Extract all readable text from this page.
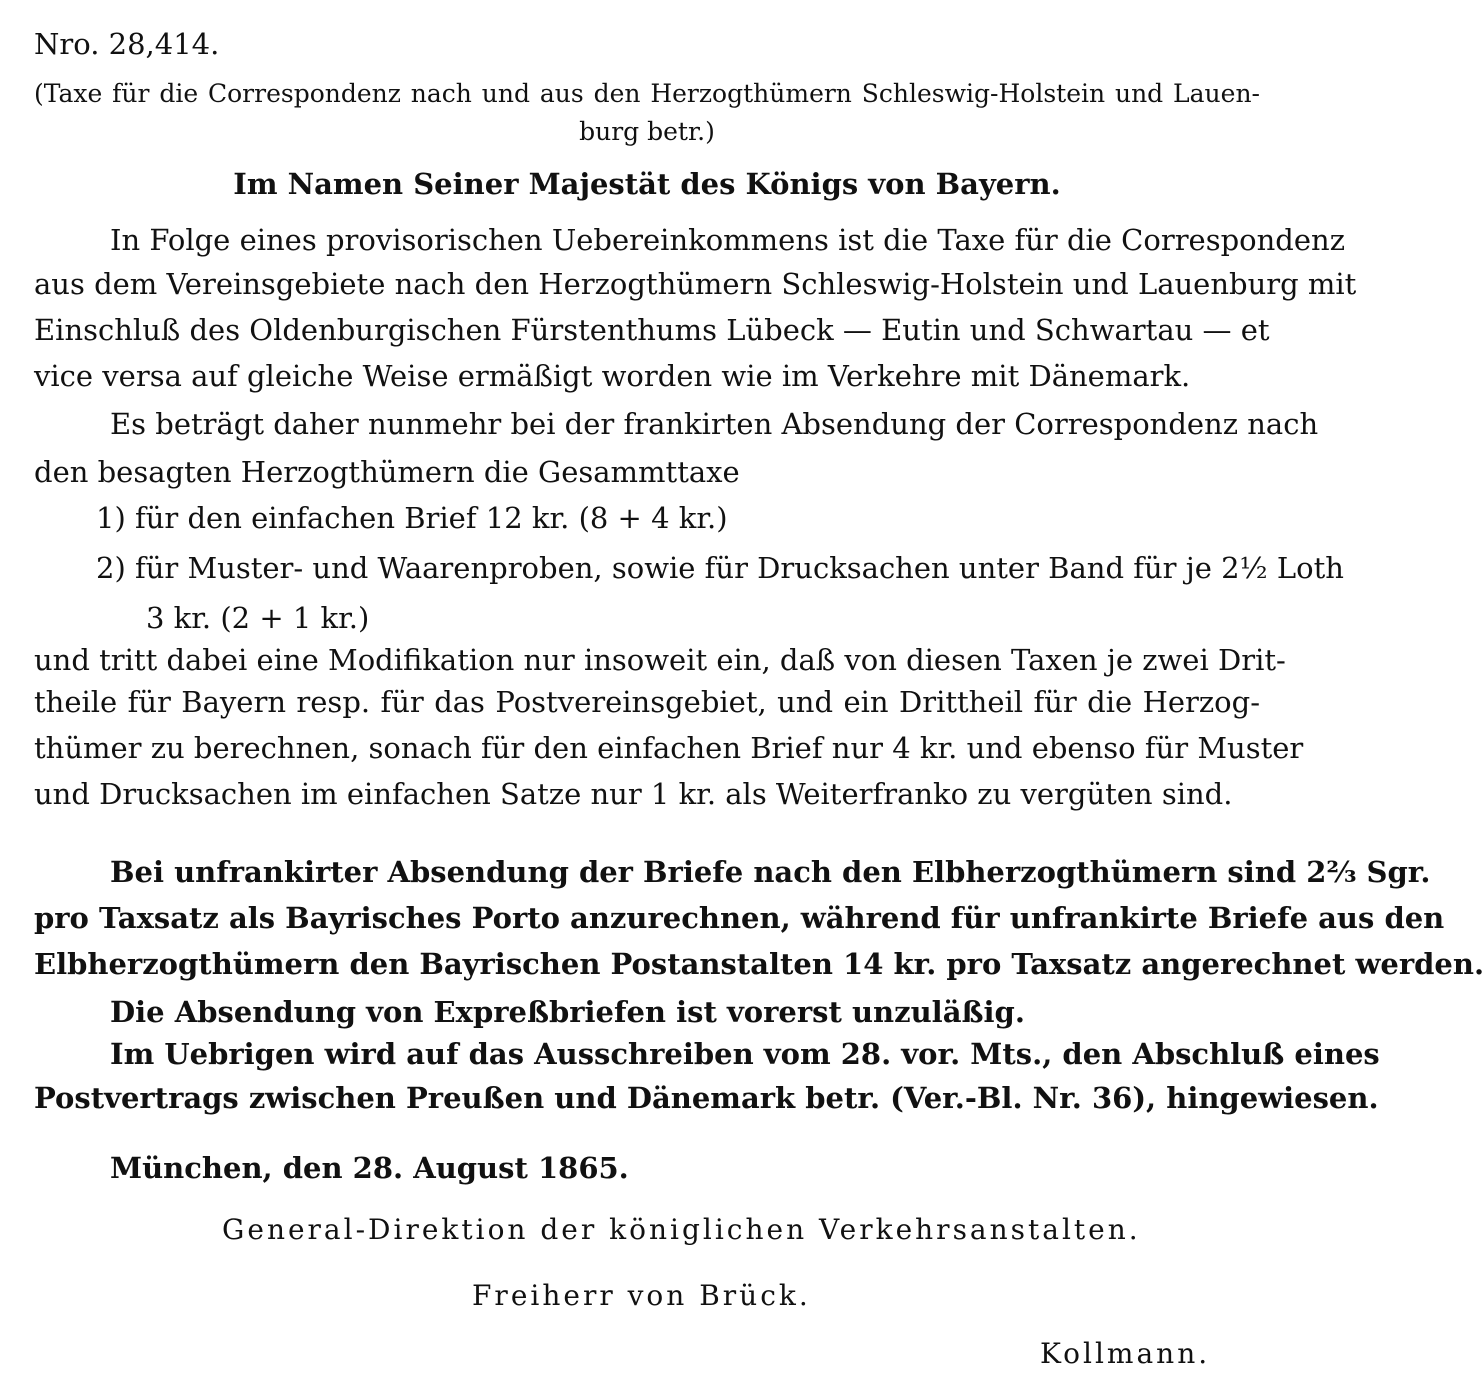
Nro. 28,414.
(Taxe für die Correspondenz nach und aus den Herzogthümern Schleswig-Holstein und Lauen-
burg betr.)
Im Namen Seiner Majestät des Königs von Bayern.
In Folge eines provisorischen Uebereinkommens ist die Taxe für die Correspondenz
aus dem Vereinsgebiete nach den Herzogthümern Schleswig-Holstein und Lauenburg mit
Einschluß des Oldenburgischen Fürstenthums Lübeck — Eutin und Schwartau — et
vice versa auf gleiche Weise ermäßigt worden wie im Verkehre mit Dänemark.
Es beträgt daher nunmehr bei der frankirten Absendung der Correspondenz nach
den besagten Herzogthümern die Gesammttaxe
1) für den einfachen Brief 12 kr. (8 + 4 kr.)
2) für Muster- und Waarenproben, sowie für Drucksachen unter Band für je 2½ Loth
3 kr. (2 + 1 kr.)
und tritt dabei eine Modifikation nur insoweit ein, daß von diesen Taxen je zwei Drit-
theile für Bayern resp. für das Postvereinsgebiet, und ein Drittheil für die Herzog-
thümer zu berechnen, sonach für den einfachen Brief nur 4 kr. und ebenso für Muster
und Drucksachen im einfachen Satze nur 1 kr. als Weiterfranko zu vergüten sind.
Bei unfrankirter Absendung der Briefe nach den Elbherzogthümern sind 2⅔ Sgr.
pro Taxsatz als Bayrisches Porto anzurechnen, während für unfrankirte Briefe aus den
Elbherzogthümern den Bayrischen Postanstalten 14 kr. pro Taxsatz angerechnet werden.
Die Absendung von Expreßbriefen ist vorerst unzuläßig.
Im Uebrigen wird auf das Ausschreiben vom 28. vor. Mts., den Abschluß eines
Postvertrags zwischen Preußen und Dänemark betr. (Ver.-Bl. Nr. 36), hingewiesen.
München, den 28. August 1865.
General-Direktion der königlichen Verkehrsanstalten.
Freiherr von Brück.
Kollmann.
